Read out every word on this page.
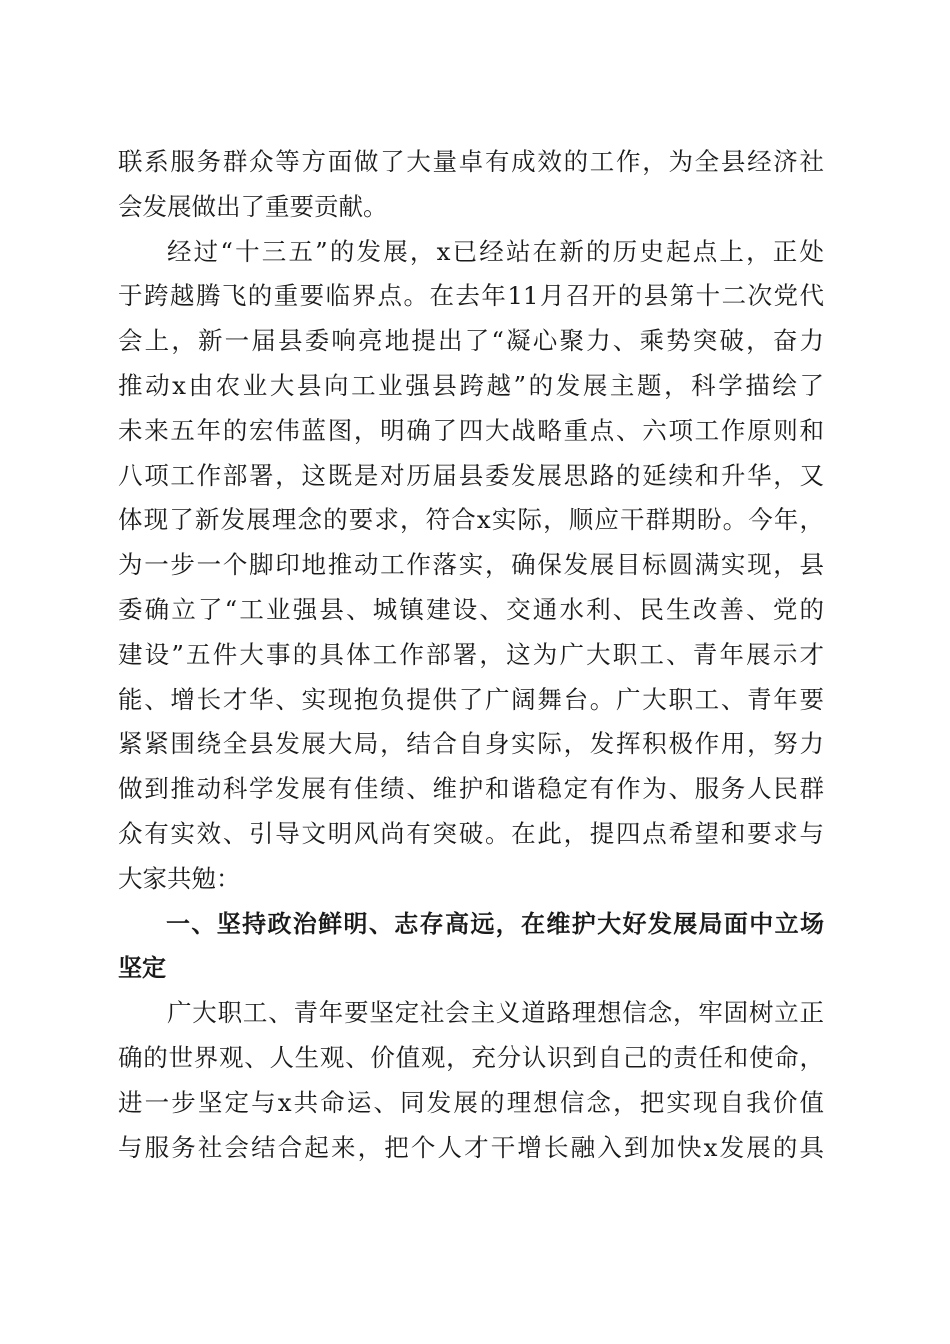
联系服务群众等方面做了大量卓有成效的工作，为全县经济社
会发展做出了重要贡献。

经过“十三五”的发展，x已经站在新的历史起点上，正处
于跨越腾飞的重要临界点。在去年11月召开的县第十二次党代
会上，新一届县委响亮地提出了“凝心聚力、乘势突破，奋力
推动x由农业大县向工业强县跨越”的发展主题，科学描绘了
未来五年的宏伟蓝图，明确了四大战略重点、六项工作原则和
八项工作部署，这既是对历届县委发展思路的延续和升华，又
体现了新发展理念的要求，符合x实际，顺应干群期盼。今年，
为一步一个脚印地推动工作落实，确保发展目标圆满实现，县
委确立了“工业强县、城镇建设、交通水利、民生改善、党的
建设”五件大事的具体工作部署，这为广大职工、青年展示才
能、增长才华、实现抱负提供了广阔舞台。广大职工、青年要
紧紧围绕全县发展大局，结合自身实际，发挥积极作用，努力
做到推动科学发展有佳绩、维护和谐稳定有作为、服务人民群
众有实效、引导文明风尚有突破。在此，提四点希望和要求与
大家共勉：

一、坚持政治鲜明、志存高远，在维护大好发展局面中立场
坚定

广大职工、青年要坚定社会主义道路理想信念，牢固树立正
确的世界观、人生观、价值观，充分认识到自己的责任和使命，
进一步坚定与x共命运、同发展的理想信念，把实现自我价值
与服务社会结合起来，把个人才干增长融入到加快x发展的具
